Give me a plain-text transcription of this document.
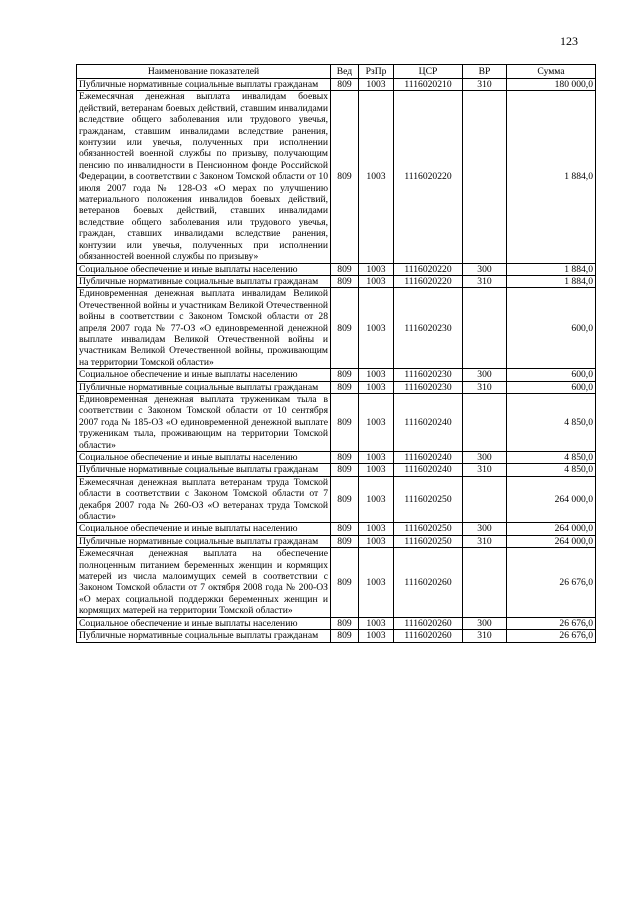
123
Наименование показателей	Вед	РзПр	ЦСР	ВР	Сумма
Публичные нормативные социальные выплаты гражданам	809	1003	1116020210	310	180 000,0
Ежемесячная денежная выплата инвалидам боевых действий, ветеранам боевых действий, ставшим инвалидами вследствие общего заболевания или трудового увечья, гражданам, ставшим инвалидами вследствие ранения, контузии или увечья, полученных при исполнении обязанностей военной службы по призыву, получающим пенсию по инвалидности в Пенсионном фонде Российской Федерации, в соответствии с Законом Томской области от 10 июля 2007 года № 128-ОЗ «О мерах по улучшению материального положения инвалидов боевых действий, ветеранов боевых действий, ставших инвалидами вследствие общего заболевания или трудового увечья, граждан, ставших инвалидами вследствие ранения, контузии или увечья, полученных при исполнении обязанностей военной службы по призыву»	809	1003	1116020220		1 884,0
Социальное обеспечение и иные выплаты населению	809	1003	1116020220	300	1 884,0
Публичные нормативные социальные выплаты гражданам	809	1003	1116020220	310	1 884,0
Единовременная денежная выплата инвалидам Великой Отечественной войны и участникам Великой Отечественной войны в соответствии с Законом Томской области от 28 апреля 2007 года № 77-ОЗ «О единовременной денежной выплате инвалидам Великой Отечественной войны и участникам Великой Отечественной войны, проживающим на территории Томской области»	809	1003	1116020230		600,0
Социальное обеспечение и иные выплаты населению	809	1003	1116020230	300	600,0
Публичные нормативные социальные выплаты гражданам	809	1003	1116020230	310	600,0
Единовременная денежная выплата труженикам тыла в соответствии с Законом Томской области от 10 сентября 2007 года № 185-ОЗ «О единовременной денежной выплате труженикам тыла, проживающим на территории Томской области»	809	1003	1116020240		4 850,0
Социальное обеспечение и иные выплаты населению	809	1003	1116020240	300	4 850,0
Публичные нормативные социальные выплаты гражданам	809	1003	1116020240	310	4 850,0
Ежемесячная денежная выплата ветеранам труда Томской области в соответствии с Законом Томской области от 7 декабря 2007 года № 260-ОЗ «О ветеранах труда Томской области»	809	1003	1116020250		264 000,0
Социальное обеспечение и иные выплаты населению	809	1003	1116020250	300	264 000,0
Публичные нормативные социальные выплаты гражданам	809	1003	1116020250	310	264 000,0
Ежемесячная денежная выплата на обеспечение полноценным питанием беременных женщин и кормящих матерей из числа малоимущих семей в соответствии с Законом Томской области от 7 октября 2008 года № 200-ОЗ «О мерах социальной поддержки беременных женщин и кормящих матерей на территории Томской области»	809	1003	1116020260		26 676,0
Социальное обеспечение и иные выплаты населению	809	1003	1116020260	300	26 676,0
Публичные нормативные социальные выплаты гражданам	809	1003	1116020260	310	26 676,0
